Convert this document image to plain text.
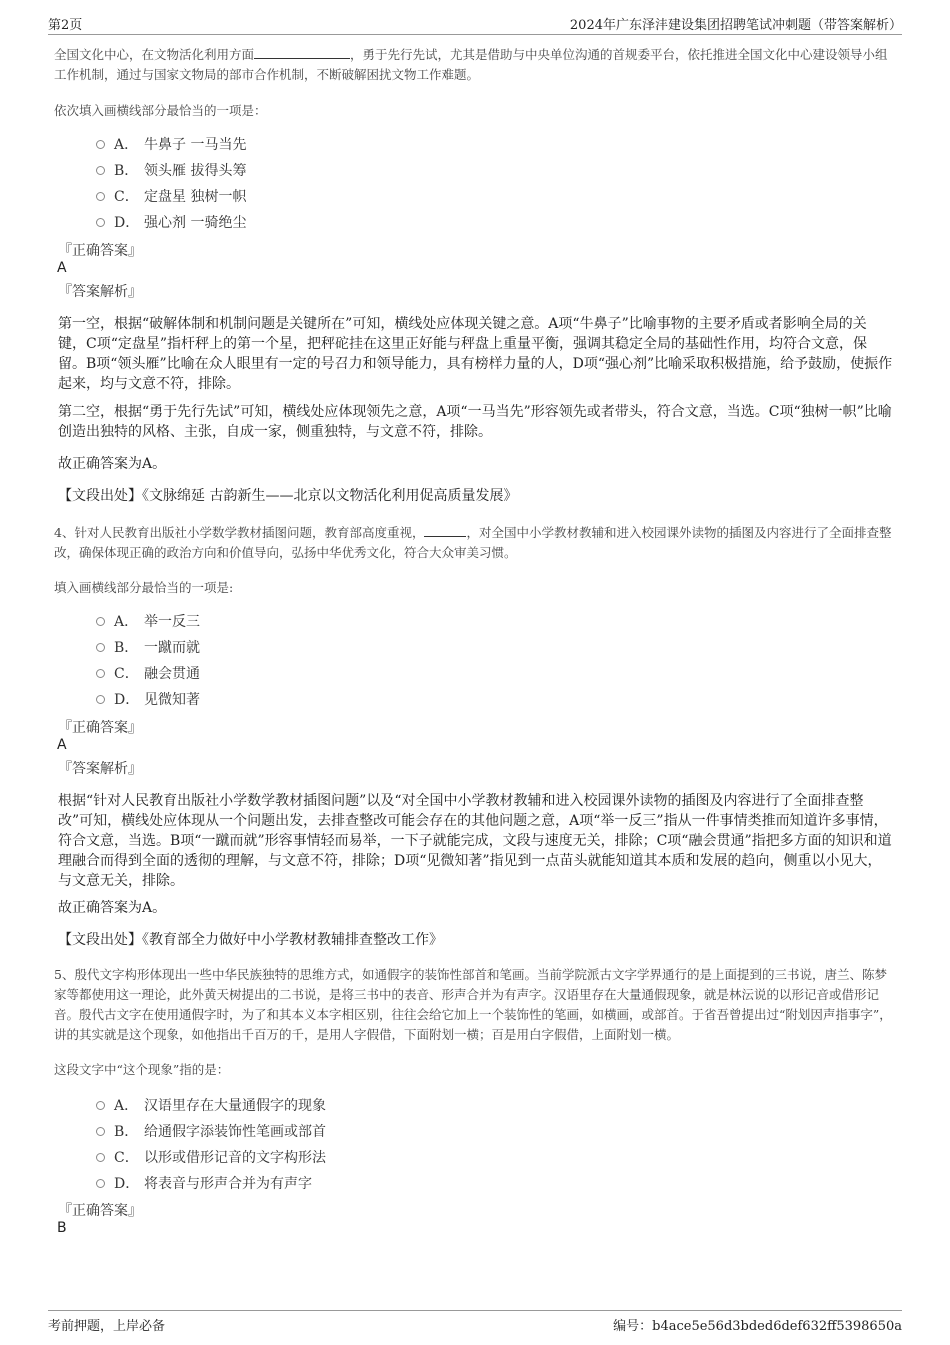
第2页	2024年广东泽沣建设集团招聘笔试冲刺题（带答案解析）
全国文化中心，在文物活化利用方面	，勇于先行先试，尤其是借助与中央单位沟通的首规委平台，依托推进全国文化中心建设领导小组工作机制，通过与国家文物局的部市合作机制，不断破解困扰文物工作难题。
依次填入画横线部分最恰当的一项是：
A． 牛鼻子 一马当先
B． 领头雁 拔得头筹
C． 定盘星 独树一帜
D． 强心剂 一骑绝尘
『正确答案』
A
『答案解析』
第一空，根据“破解体制和机制问题是关键所在”可知，横线处应体现关键之意。A项“牛鼻子”比喻事物的主要矛盾或者影响全局的关键，C项“定盘星”指杆秤上的第一个星，把秤砣挂在这里正好能与秤盘上重量平衡，强调其稳定全局的基础性作用，均符合文意，保留。B项“领头雁”比喻在众人眼里有一定的号召力和领导能力，具有榜样力量的人，D项“强心剂”比喻采取积极措施，给予鼓励，使振作起来，均与文意不符，排除。
第二空，根据“勇于先行先试”可知，横线处应体现领先之意，A项“一马当先”形容领先或者带头，符合文意，当选。C项“独树一帜”比喻创造出独特的风格、主张，自成一家，侧重独特，与文意不符，排除。
故正确答案为A。
【文段出处】《文脉绵延 古韵新生——北京以文物活化利用促高质量发展》
4、针对人民教育出版社小学数学教材插图问题，教育部高度重视，	，对全国中小学教材教辅和进入校园课外读物的插图及内容进行了全面排查整改，确保体现正确的政治方向和价值导向，弘扬中华优秀文化，符合大众审美习惯。
填入画横线部分最恰当的一项是:
A． 举一反三
B． 一蹴而就
C． 融会贯通
D． 见微知著
『正确答案』
A
『答案解析』
根据“针对人民教育出版社小学数学教材插图问题”以及“对全国中小学教材教辅和进入校园课外读物的插图及内容进行了全面排查整改”可知，横线处应体现从一个问题出发，去排查整改可能会存在的其他问题之意，A项“举一反三”指从一件事情类推而知道许多事情，符合文意，当选。B项“一蹴而就”形容事情轻而易举，一下子就能完成，文段与速度无关，排除；C项“融会贯通”指把多方面的知识和道理融合而得到全面的透彻的理解，与文意不符，排除；D项“见微知著”指见到一点苗头就能知道其本质和发展的趋向，侧重以小见大，与文意无关，排除。
故正确答案为A。
【文段出处】《教育部全力做好中小学教材教辅排查整改工作》
5、殷代文字构形体现出一些中华民族独特的思维方式，如通假字的装饰性部首和笔画。当前学院派古文字学界通行的是上面提到的三书说，唐兰、陈梦家等都使用这一理论，此外黄天树提出的二书说，是将三书中的表音、形声合并为有声字。汉语里存在大量通假现象，就是林沄说的以形记音或借形记音。殷代古文字在使用通假字时，为了和其本义本字相区别，往往会给它加上一个装饰性的笔画，如横画，或部首。于省吾曾提出过“附划因声指事字”，讲的其实就是这个现象，如他指出千百万的千，是用人字假借，下面附划一横；百是用白字假借，上面附划一横。
这段文字中“这个现象”指的是：
A． 汉语里存在大量通假字的现象
B． 给通假字添装饰性笔画或部首
C． 以形或借形记音的文字构形法
D． 将表音与形声合并为有声字
『正确答案』
B
考前押题，上岸必备	编号：b4ace5e56d3bded6def632ff5398650a
